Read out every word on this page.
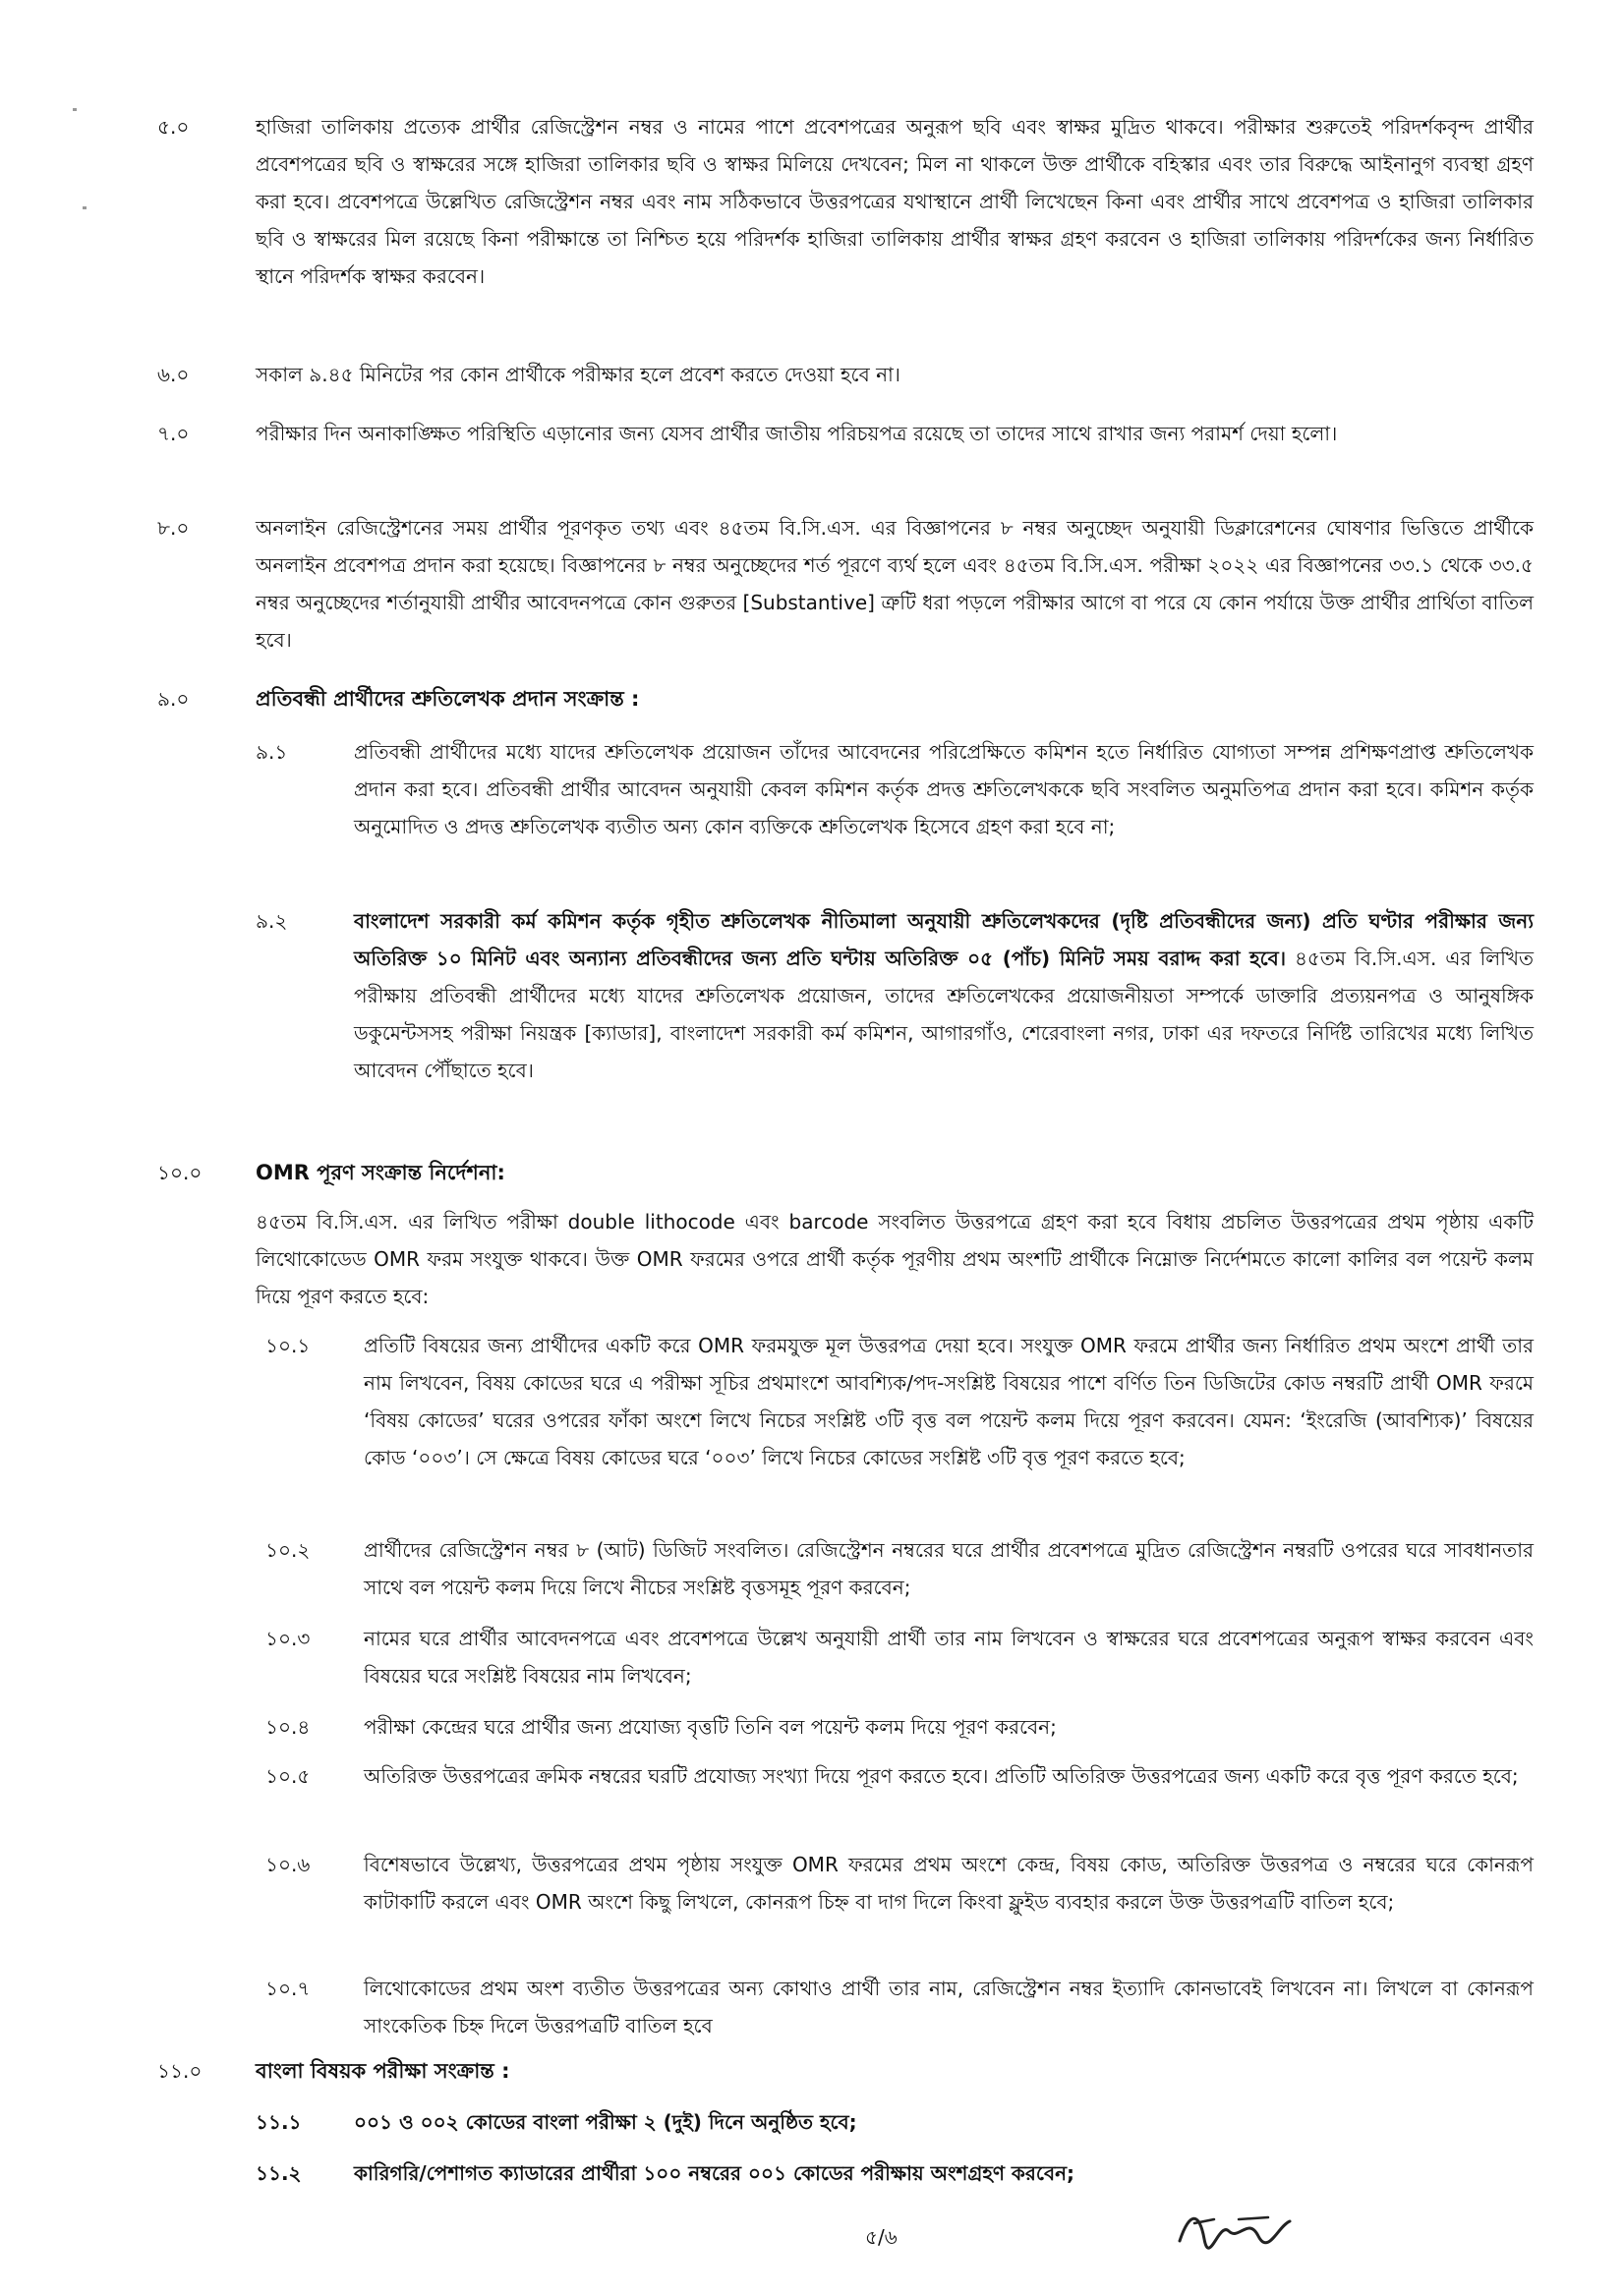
৫.০	হাজিরা তালিকায় প্রত্যেক প্রার্থীর রেজিস্ট্রেশন নম্বর ও নামের পাশে প্রবেশপত্রের অনুরূপ ছবি এবং স্বাক্ষর মুদ্রিত থাকবে। পরীক্ষার শুরুতেই পরিদর্শকবৃন্দ প্রার্থীর প্রবেশপত্রের ছবি ও স্বাক্ষরের সঙ্গে হাজিরা তালিকার ছবি ও স্বাক্ষর মিলিয়ে দেখবেন; মিল না থাকলে উক্ত প্রার্থীকে বহিস্কার এবং তার বিরুদ্ধে আইনানুগ ব্যবস্থা গ্রহণ করা হবে। প্রবেশপত্রে উল্লেখিত রেজিস্ট্রেশন নম্বর এবং নাম সঠিকভাবে উত্তরপত্রের যথাস্থানে প্রার্থী লিখেছেন কিনা এবং প্রার্থীর সাথে প্রবেশপত্র ও হাজিরা তালিকার ছবি ও স্বাক্ষরের মিল রয়েছে কিনা পরীক্ষান্তে তা নিশ্চিত হয়ে পরিদর্শক হাজিরা তালিকায় প্রার্থীর স্বাক্ষর গ্রহণ করবেন ও হাজিরা তালিকায় পরিদর্শকের জন্য নির্ধারিত স্থানে পরিদর্শক স্বাক্ষর করবেন।
৬.০	সকাল ৯.৪৫ মিনিটের পর কোন প্রার্থীকে পরীক্ষার হলে প্রবেশ করতে দেওয়া হবে না।
৭.০	পরীক্ষার দিন অনাকাঙ্ক্ষিত পরিস্থিতি এড়ানোর জন্য যেসব প্রার্থীর জাতীয় পরিচয়পত্র রয়েছে তা তাদের সাথে রাখার জন্য পরামর্শ দেয়া হলো।
৮.০	অনলাইন রেজিস্ট্রেশনের সময় প্রার্থীর পূরণকৃত তথ্য এবং ৪৫তম বি.সি.এস. এর বিজ্ঞাপনের ৮ নম্বর অনুচ্ছেদ অনুযায়ী ডিক্লারেশনের ঘোষণার ভিত্তিতে প্রার্থীকে অনলাইন প্রবেশপত্র প্রদান করা হয়েছে। বিজ্ঞাপনের ৮ নম্বর অনুচ্ছেদের শর্ত পূরণে ব্যর্থ হলে এবং ৪৫তম বি.সি.এস. পরীক্ষা ২০২২ এর বিজ্ঞাপনের ৩৩.১ থেকে ৩৩.৫ নম্বর অনুচ্ছেদের শর্তানুযায়ী প্রার্থীর আবেদনপত্রে কোন গুরুতর [Substantive] ত্রুটি ধরা পড়লে পরীক্ষার আগে বা পরে যে কোন পর্যায়ে উক্ত প্রার্থীর প্রার্থিতা বাতিল হবে।
৯.০	প্রতিবন্ধী প্রার্থীদের শ্রুতিলেখক প্রদান সংক্রান্ত :
৯.১	প্রতিবন্ধী প্রার্থীদের মধ্যে যাদের শ্রুতিলেখক প্রয়োজন তাঁদের আবেদনের পরিপ্রেক্ষিতে কমিশন হতে নির্ধারিত যোগ্যতা সম্পন্ন প্রশিক্ষণপ্রাপ্ত শ্রুতিলেখক প্রদান করা হবে। প্রতিবন্ধী প্রার্থীর আবেদন অনুযায়ী কেবল কমিশন কর্তৃক প্রদত্ত শ্রুতিলেখককে ছবি সংবলিত অনুমতিপত্র প্রদান করা হবে। কমিশন কর্তৃক অনুমোদিত ও প্রদত্ত শ্রুতিলেখক ব্যতীত অন্য কোন ব্যক্তিকে শ্রুতিলেখক হিসেবে গ্রহণ করা হবে না;
৯.২	বাংলাদেশ সরকারী কর্ম কমিশন কর্তৃক গৃহীত শ্রুতিলেখক নীতিমালা অনুযায়ী শ্রুতিলেখকদের (দৃষ্টি প্রতিবন্ধীদের জন্য) প্রতি ঘণ্টার পরীক্ষার জন্য অতিরিক্ত ১০ মিনিট এবং অন্যান্য প্রতিবন্ধীদের জন্য প্রতি ঘন্টায় অতিরিক্ত ০৫ (পাঁচ) মিনিট সময় বরাদ্দ করা হবে। ৪৫তম বি.সি.এস. এর লিখিত পরীক্ষায় প্রতিবন্ধী প্রার্থীদের মধ্যে যাদের শ্রুতিলেখক প্রয়োজন, তাদের শ্রুতিলেখকের প্রয়োজনীয়তা সম্পর্কে ডাক্তারি প্রত্যয়নপত্র ও আনুষঙ্গিক ডকুমেন্টসসহ পরীক্ষা নিয়ন্ত্রক [ক্যাডার], বাংলাদেশ সরকারী কর্ম কমিশন, আগারগাঁও, শেরেবাংলা নগর, ঢাকা এর দফতরে নির্দিষ্ট তারিখের মধ্যে লিখিত আবেদন পৌঁছাতে হবে।
১০.০	OMR পূরণ সংক্রান্ত নির্দেশনা:
৪৫তম বি.সি.এস. এর লিখিত পরীক্ষা double lithocode এবং barcode সংবলিত উত্তরপত্রে গ্রহণ করা হবে বিধায় প্রচলিত উত্তরপত্রের প্রথম পৃষ্ঠায় একটি লিথোকোডেড OMR ফরম সংযুক্ত থাকবে। উক্ত OMR ফরমের ওপরে প্রার্থী কর্তৃক পূরণীয় প্রথম অংশটি প্রার্থীকে নিম্নোক্ত নির্দেশমতে কালো কালির বল পয়েন্ট কলম দিয়ে পূরণ করতে হবে:
১০.১	প্রতিটি বিষয়ের জন্য প্রার্থীদের একটি করে OMR ফরমযুক্ত মূল উত্তরপত্র দেয়া হবে। সংযুক্ত OMR ফরমে প্রার্থীর জন্য নির্ধারিত প্রথম অংশে প্রার্থী তার নাম লিখবেন, বিষয় কোডের ঘরে এ পরীক্ষা সূচির প্রথমাংশে আবশ্যিক/পদ-সংশ্লিষ্ট বিষয়ের পাশে বর্ণিত তিন ডিজিটের কোড নম্বরটি প্রার্থী OMR ফরমে ‘বিষয় কোডের’ ঘরের ওপরের ফাঁকা অংশে লিখে নিচের সংশ্লিষ্ট ৩টি বৃত্ত বল পয়েন্ট কলম দিয়ে পূরণ করবেন। যেমন: ‘ইংরেজি (আবশ্যিক)’ বিষয়ের কোড ‘০০৩’। সে ক্ষেত্রে বিষয় কোডের ঘরে ‘০০৩’ লিখে নিচের কোডের সংশ্লিষ্ট ৩টি বৃত্ত পূরণ করতে হবে;
১০.২	প্রার্থীদের রেজিস্ট্রেশন নম্বর ৮ (আট) ডিজিট সংবলিত। রেজিস্ট্রেশন নম্বরের ঘরে প্রার্থীর প্রবেশপত্রে মুদ্রিত রেজিস্ট্রেশন নম্বরটি ওপরের ঘরে সাবধানতার সাথে বল পয়েন্ট কলম দিয়ে লিখে নীচের সংশ্লিষ্ট বৃত্তসমূহ পূরণ করবেন;
১০.৩	নামের ঘরে প্রার্থীর আবেদনপত্রে এবং প্রবেশপত্রে উল্লেখ অনুযায়ী প্রার্থী তার নাম লিখবেন ও স্বাক্ষরের ঘরে প্রবেশপত্রের অনুরূপ স্বাক্ষর করবেন এবং বিষয়ের ঘরে সংশ্লিষ্ট বিষয়ের নাম লিখবেন;
১০.৪	পরীক্ষা কেন্দ্রের ঘরে প্রার্থীর জন্য প্রযোজ্য বৃত্তটি তিনি বল পয়েন্ট কলম দিয়ে পূরণ করবেন;
১০.৫	অতিরিক্ত উত্তরপত্রের ক্রমিক নম্বরের ঘরটি প্রযোজ্য সংখ্যা দিয়ে পূরণ করতে হবে। প্রতিটি অতিরিক্ত উত্তরপত্রের জন্য একটি করে বৃত্ত পূরণ করতে হবে;
১০.৬	বিশেষভাবে উল্লেখ্য, উত্তরপত্রের প্রথম পৃষ্ঠায় সংযুক্ত OMR ফরমের প্রথম অংশে কেন্দ্র, বিষয় কোড, অতিরিক্ত উত্তরপত্র ও নম্বরের ঘরে কোনরূপ কাটাকাটি করলে এবং OMR অংশে কিছু লিখলে, কোনরূপ চিহ্ন বা দাগ দিলে কিংবা ফ্লুইড ব্যবহার করলে উক্ত উত্তরপত্রটি বাতিল হবে;
১০.৭	লিথোকোডের প্রথম অংশ ব্যতীত উত্তরপত্রের অন্য কোথাও প্রার্থী তার নাম, রেজিস্ট্রেশন নম্বর ইত্যাদি কোনভাবেই লিখবেন না। লিখলে বা কোনরূপ সাংকেতিক চিহ্ন দিলে উত্তরপত্রটি বাতিল হবে
১১.০	বাংলা বিষয়ক পরীক্ষা সংক্রান্ত :
১১.১	০০১ ও ০০২ কোডের বাংলা পরীক্ষা ২ (দুই) দিনে অনুষ্ঠিত হবে;
১১.২	কারিগরি/পেশাগত ক্যাডারের প্রার্থীরা ১০০ নম্বরের ০০১ কোডের পরীক্ষায় অংশগ্রহণ করবেন;
৫/৬
